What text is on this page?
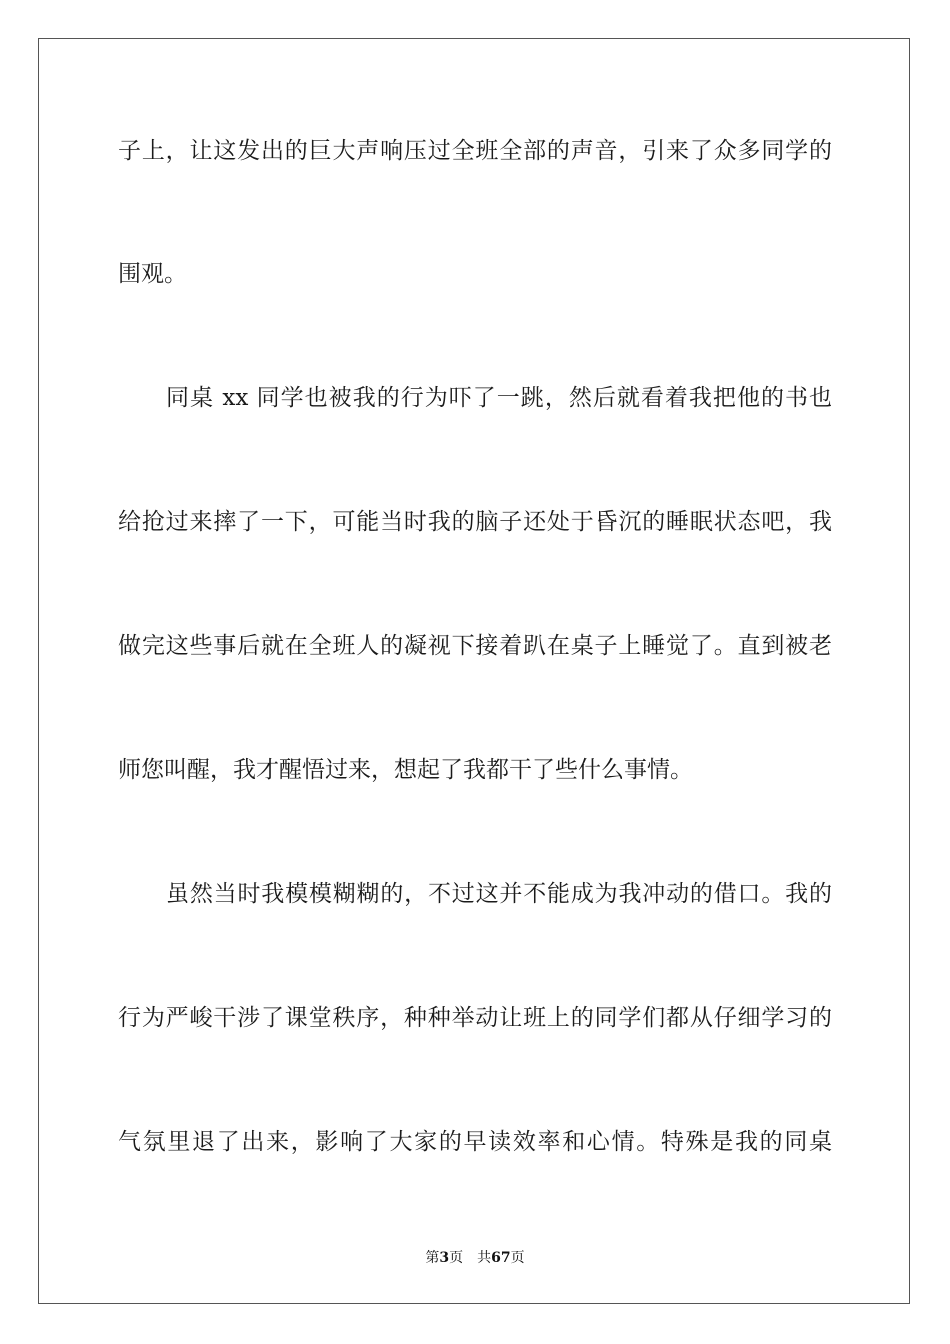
子上，让这发出的巨大声响压过全班全部的声音，引来了众多同学的
围观。
同桌 xx 同学也被我的行为吓了一跳，然后就看着我把他的书也
给抢过来摔了一下，可能当时我的脑子还处于昏沉的睡眠状态吧，我
做完这些事后就在全班人的凝视下接着趴在桌子上睡觉了。直到被老
师您叫醒，我才醒悟过来，想起了我都干了些什么事情。
虽然当时我模模糊糊的，不过这并不能成为我冲动的借口。我的
行为严峻干涉了课堂秩序，种种举动让班上的同学们都从仔细学习的
气氛里退了出来，影响了大家的早读效率和心情。特殊是我的同桌
第3页 共67页
